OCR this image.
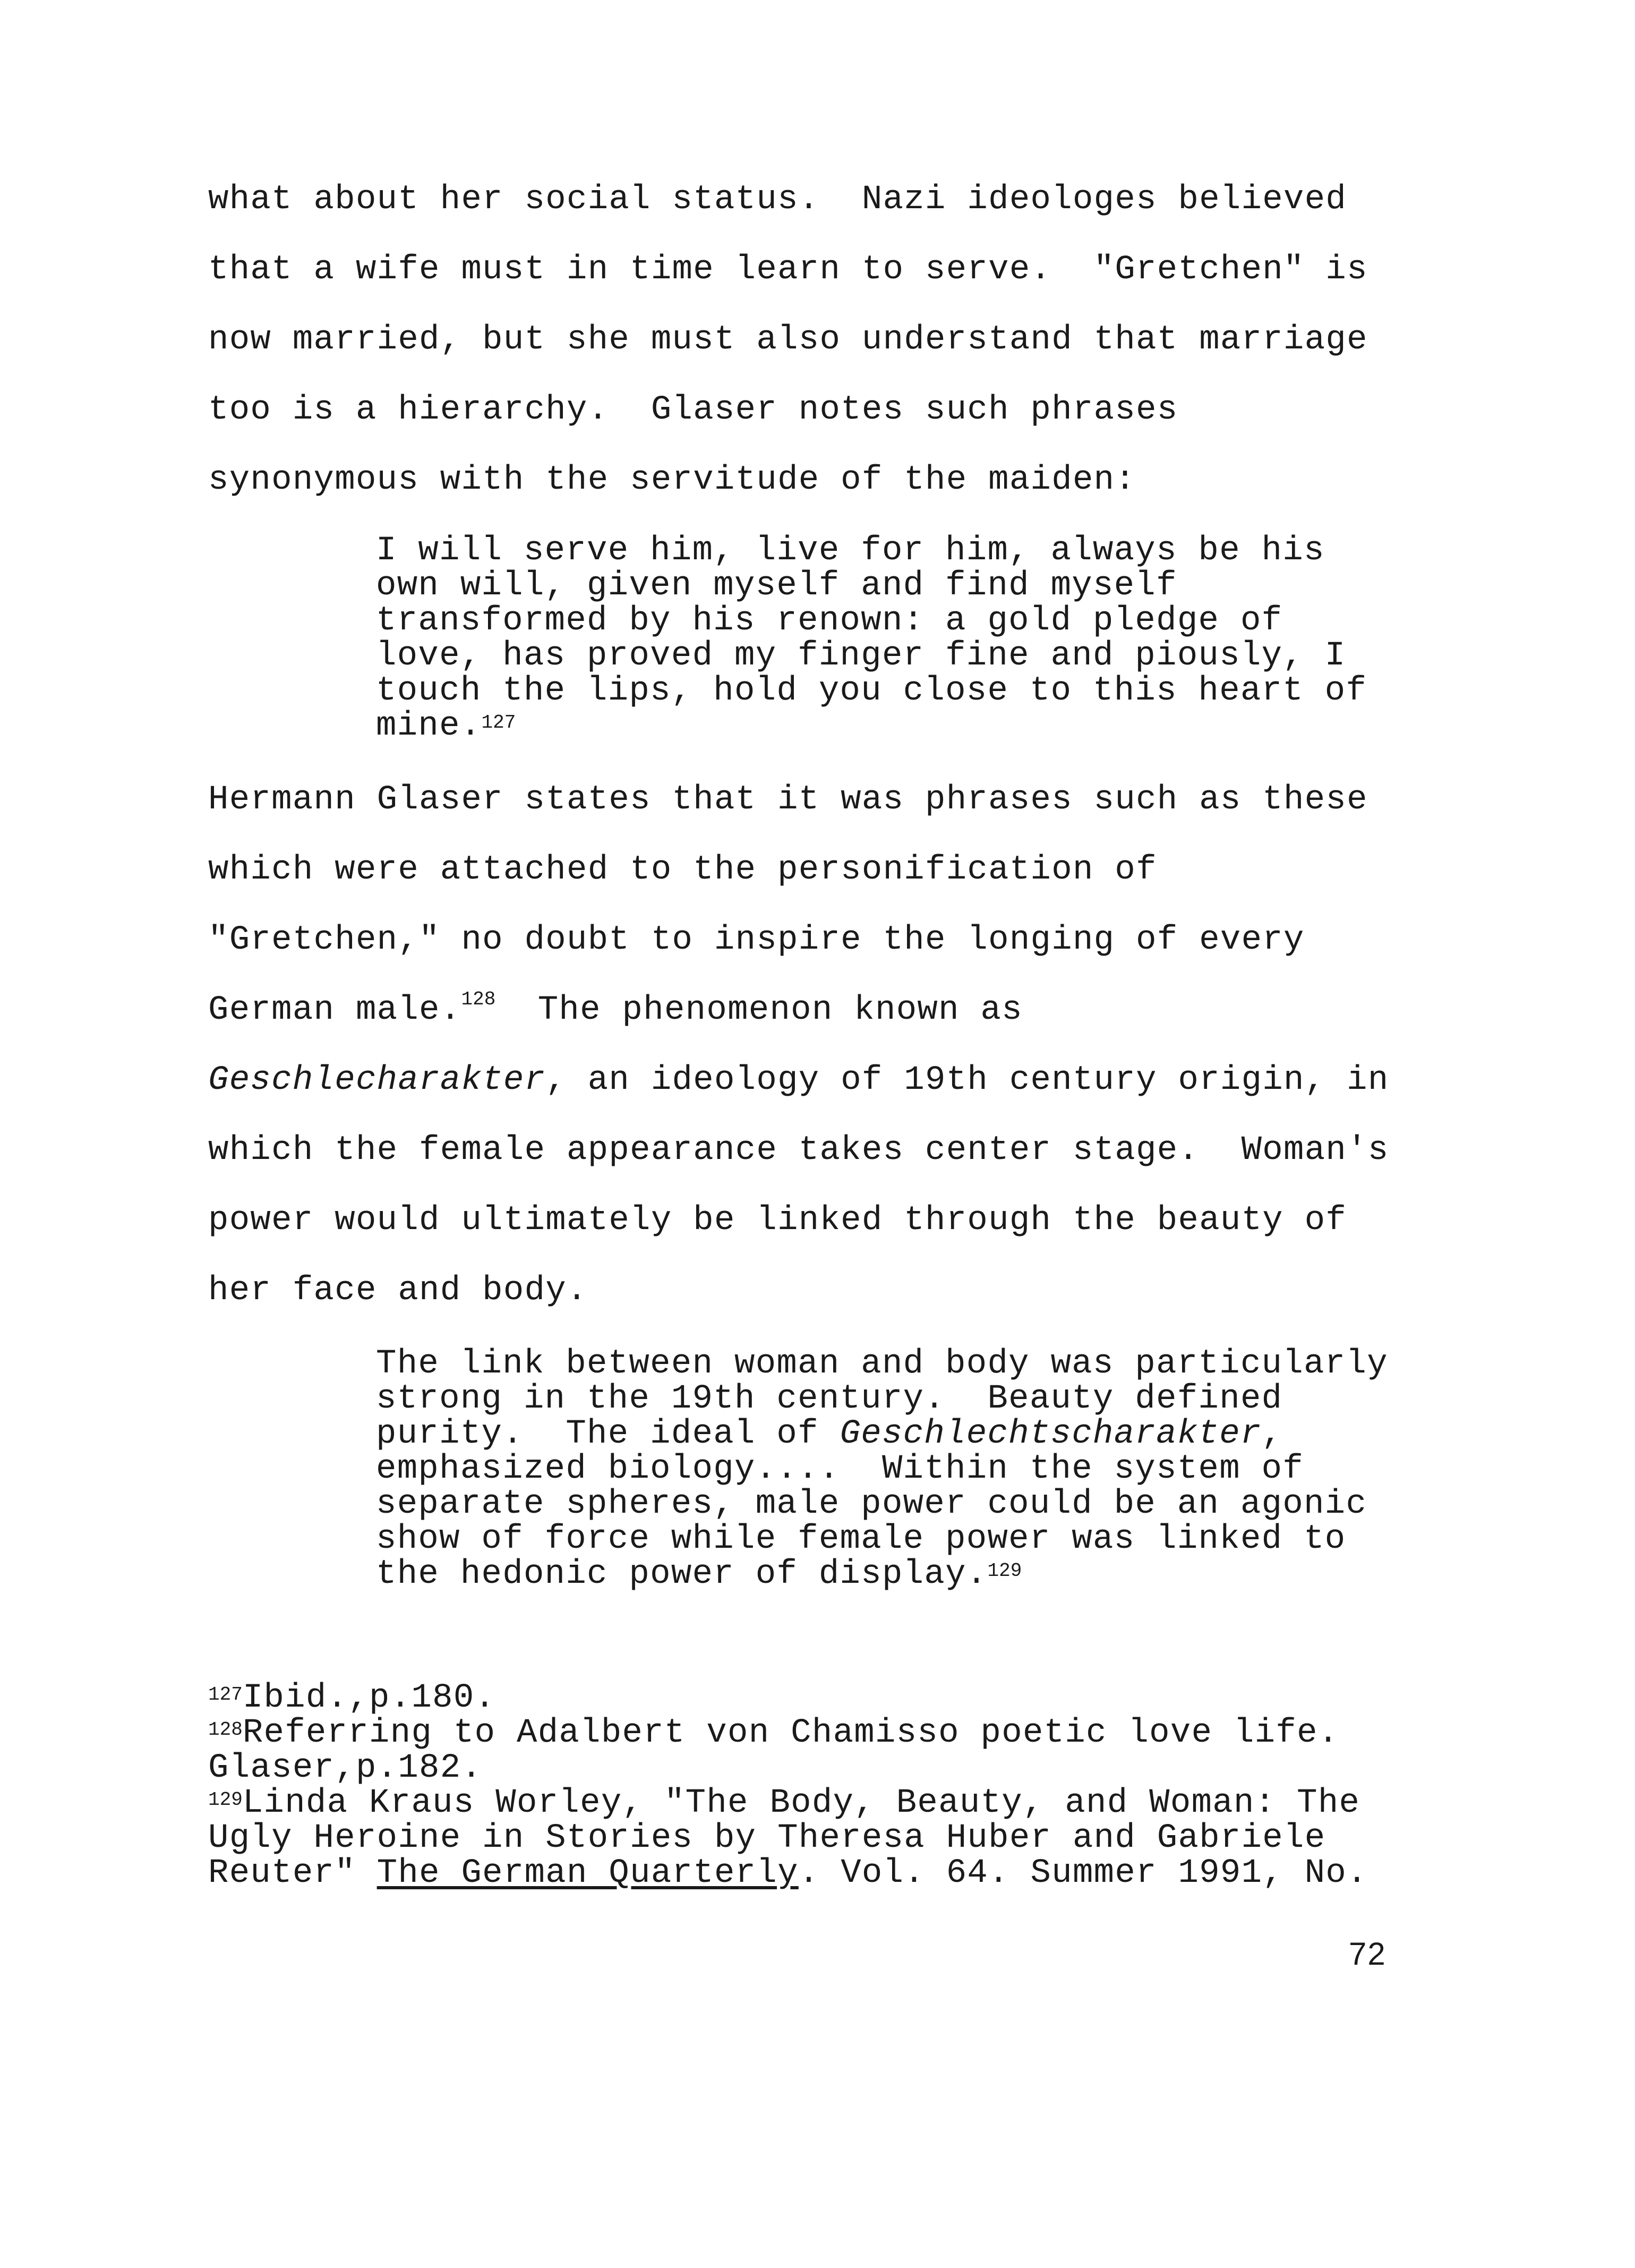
what about her social status.  Nazi ideologes believed
that a wife must in time learn to serve.  "Gretchen" is
now married, but she must also understand that marriage
too is a hierarchy.  Glaser notes such phrases
synonymous with the servitude of the maiden:
I will serve him, live for him, always be his
own will, given myself and find myself
transformed by his renown: a gold pledge of
love, has proved my finger fine and piously, I
touch the lips, hold you close to this heart of
mine.$^{127}$
Hermann Glaser states that it was phrases such as these
which were attached to the personification of
"Gretchen," no doubt to inspire the longing of every
German male.$^{128}$  The phenomenon known as
Geschlecharakter, an ideology of 19th century origin, in
which the female appearance takes center stage.  Woman's
power would ultimately be linked through the beauty of
her face and body.
The link between woman and body was particularly
strong in the 19th century.  Beauty defined
purity.  The ideal of Geschlechtscharakter,
emphasized biology....  Within the system of
separate spheres, male power could be an agonic
show of force while female power was linked to
the hedonic power of display.$^{129}$
$^{127}$Ibid.,p.180.
$^{128}$Referring to Adalbert von Chamisso poetic love life.
Glaser,p.182.
$^{129}$Linda Kraus Worley, "The Body, Beauty, and Woman: The
Ugly Heroine in Stories by Theresa Huber and Gabriele
Reuter" The German Quarterly. Vol. 64. Summer 1991, No.
72
